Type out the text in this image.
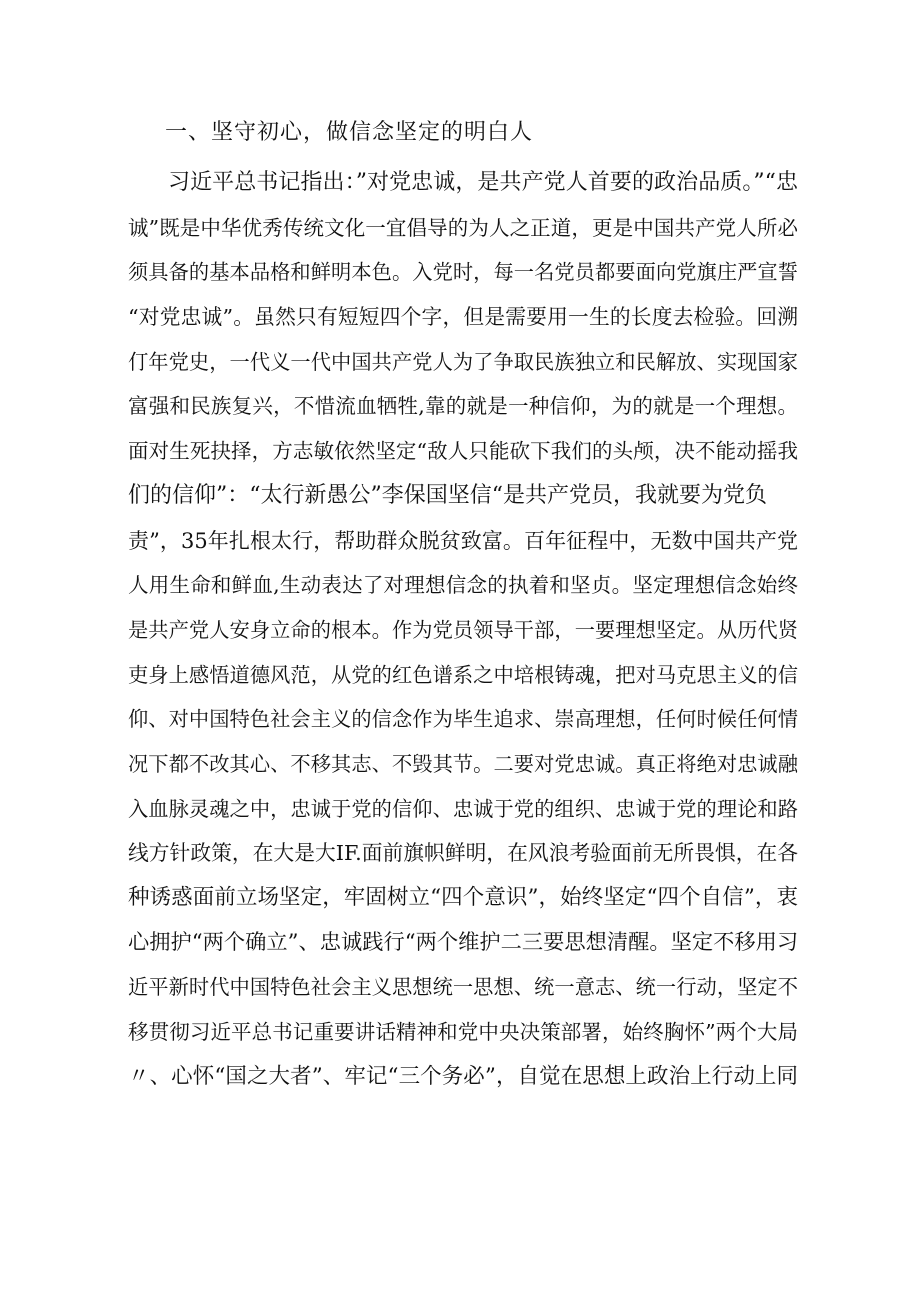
一、坚守初心，做信念坚定的明白人
习近平总书记指出：”对党忠诚，是共产党人首要的政治品质。”“忠
诚”既是中华优秀传统文化一宜倡导的为人之正道，更是中国共产党人所必
须具备的基本品格和鲜明本色。入党时，每一名党员都要面向党旗庄严宣誓
“对党忠诚”。虽然只有短短四个字，但是需要用一生的长度去检验。回溯
仃年党史，一代义一代中国共产党人为了争取民族独立和民解放、实现国家
富强和民族复兴，不惜流血牺牲,靠的就是一种信仰，为的就是一个理想。
面对生死抉择，方志敏依然坚定“敌人只能砍下我们的头颅，决不能动摇我
们的信仰”：“太行新愚公”李保国坚信“是共产党员，我就要为党负
责”，35年扎根太行，帮助群众脱贫致富。百年征程中，无数中国共产党
人用生命和鲜血,生动表达了对理想信念的执着和坚贞。坚定理想信念始终
是共产党人安身立命的根本。作为党员领导干部，一要理想坚定。从历代贤
吏身上感悟道德风范，从党的红色谱系之中培根铸魂，把对马克思主义的信
仰、对中国特色社会主义的信念作为毕生追求、崇高理想，任何时候任何情
况下都不改其心、不移其志、不毁其节。二要对党忠诚。真正将绝对忠诚融
入血脉灵魂之中，忠诚于党的信仰、忠诚于党的组织、忠诚于党的理论和路
线方针政策，在大是大IF.面前旗帜鲜明，在风浪考验面前无所畏惧，在各
种诱惑面前立场坚定，牢固树立“四个意识”，始终坚定“四个自信”，衷
心拥护“两个确立”、忠诚践行“两个维护二三要思想清醒。坚定不移用习
近平新时代中国特色社会主义思想统一思想、统一意志、统一行动，坚定不
移贯彻习近平总书记重要讲话精神和党中央决策部署，始终胸怀”两个大局
〃、心怀“国之大者”、牢记“三个务必”，自觉在思想上政治上行动上同
